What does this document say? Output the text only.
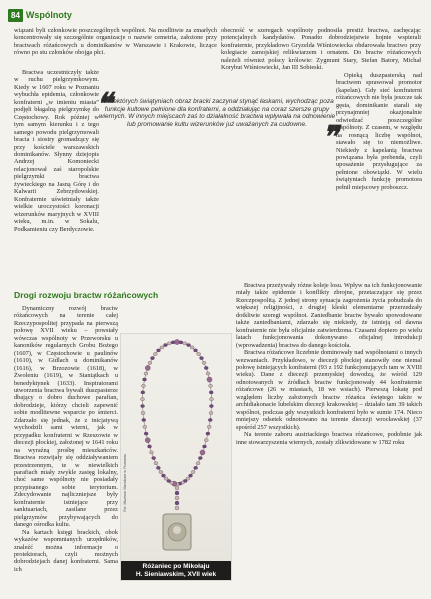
84 Wspólnoty

wiązani byli członkowie poszczególnych wspólnot. Na modlitwie za zmarłych koncentrowały się szczególnie organizacje o nazwie cemetria, założone przy bractwach różańcowych u dominikanów w Warszawie i Krakowie, liczące równo po stu członków obojga płci.

Bractwa uczestniczyły także w ruchu pielgrzymkowym. Kiedy w 1607 roku w Poznaniu wybuchła epidemia, członkowie konfraterni „w imieniu miasta” podjęli błagalną pielgrzymkę do Częstochowy. Rok później w tym samym kierunku i z tego samego powodu pielgrzymowali bracia i siostry gromadzący się przy kościele warszawskich dominikanów. Słynny dziejopis Andrzej Komoniecki relacjonował zaś staropolskie pielgrzymki bractwa żywieckiego na Jasną Górę i do Kalwarii Zebrzydowskiej. Konfraternie uświetniały także wielkie uroczystości koronacji wizerunków maryjnych w XVIII wieku, m.in. w Sokalu, Podkamieniu czy Berdyczowie.

obecność w szeregach wspólnoty podnosiła prestiż bractwa, zachęcając potencjalnych kandydatów. Ponadto dobrodziejstwie hojnie wspierali konfraternie, przykładowo Gryzelda Wiśniowiecka obdarowała bractwo przy kolegiacie zamojskiej relikwiarzem i ornatem. Do bractw różańcowych należeli również polscy królowie: Zygmunt Stary, Stefan Batory, Michał Korybut Wiśniowiecki, Jan III Sobieski.

Opieką duszpasterską nad bractwem sprawował promotor (kapelan). Gdy sieć konfraterni różańcowych nie była jeszcze tak gęsta, dominikanie starali się przynajmniej okazjonalnie odwiedzać poszczególne wspólnoty. Z czasem, w względu na rosnącą liczbę wspólnot, stawało się to niemożliwe. Niekiedy z kapelanią bractwa powiązana była prebenda, czyli uposażenie przysługujące za pełnione obowiązki. W wielu świątyniach funkcję promotora pełnił miejscowy proboszcz.

Bractwa przeżywały różne koleje losu. Wpływ na ich funkcjonowanie miały także epidemie i konflikty zbrojne, przetaczające się przez Rzeczpospolitą. Z jednej strony sytuacja zagrożenia życia pobudzała do większej religijności, z drugiej kleski elementarne przerzedzały dotkliwie szeregi wspólnot. Zaniedbanie bractw bywało spowodowane także zaniedbaniami, zdarzało się niekiedy, że istnieją od dawna konfraternie nie była oficjalnie zatwierdzona. Czasami dopiero po wielu latach funkcjonowania dokonywano oficjalnej introdukcji (wprowadzenia) bractwa do danego kościoła.

Bractwa różańcowe liczebnie dominowały nad wspólnotami o innych wezwaniach. Przykładowo, w diecezji płockiej stanowiły one niemal połowę istniejących konfraterni (93 z 192 funkcjonujących tam w XVIII wieku). Dane z diecezji przemyskiej dowodzą, że wśród 129 odnotowanych w źródłach bractw funkcjonowały 44 konfraternie różańcowe (26 w miastach, 18 we wsiach). Pierwszą lokatę pod względem liczby założonych bractw różańca świętego także w archidiakonacie lubelskim diecezji krakowskiej – działało tam 39 takich wspólnot, podczas gdy wszystkich konfraterni było w sumie 174. Nieco mniejszy odsetek odnotowano na terenie diecezji wrocławskiej (37 spośród 257 wszystkich).

Na terenie zaboru austriackiego bractwa różańcowe, podobnie jak inne stowarzyszenia wiernych, zostały zlikwidowane w 1782 roku

❝
W niektórych świątyniach obraz bracki zaczynał stynąć łaskami, wychodząc poza funkcje kultowe pełnione dla konfraterni, a oddziałując na coraz szersze grupy wiernych. W innych miejscach zaś to działalność bractwa wpływała na odnowienie lub promowanie kultu wizerunków już uważanych za cudowne. ❞
Drogi rozwoju bractw różańcowych

Dynamiczny rozwój bractw różańcowych na terenie całej Rzeczypospolitej przypada na pierwszą połowę XVII wieku – powstały wówczas wspólnoty w Przeworsku u kanoników regularnych Grobu Bożego (1607), w Częstochowie u paulinów (1610), w Gidlach u dominikanów (1616), w Brzozowie (1618), w Żwoleniu (1619), w Staniątkach u benedyktynek (1633). Inspiratorami utworzenia bractwa bywali duszpasterze dbający o dobro duchowe parafian, dobrodzieje, którzy chcieli zapewnić sobie modlitewne wsparcie po śmierci. Zdarzało się jednak, że z inicjatywą wychodzili sami wierni, jak w przypadku konfraterni w Rzeszowie w diecezji płockiej, założonej w 1641 roku na wyraźną prośbę mieszkańców. Bractwa rozwijały się oddziaływaniem przestrzennym, te w niewielkich parafiach miały zwykle zasięg lokalny, choć same wspólnoty nie posiadały przypisanego sobie terytorium. Zdecydowanie najliczniejsze były konfraternie istniejące przy sanktuariach, zasilane przez pielgrzymów przybywających do danego ośrodka kultu.

Na kartach księgi brackich, obok wykazów wspomnianych urzędników, znaleźć można informacje o protektorach, czyli możnych dobrodziejach danej konfraterni. Sama ich

Fot. Muzeum Narodowe w Poznaniu
Różaniec po Mikołaju
H. Sieniawskim, XVII wiek
